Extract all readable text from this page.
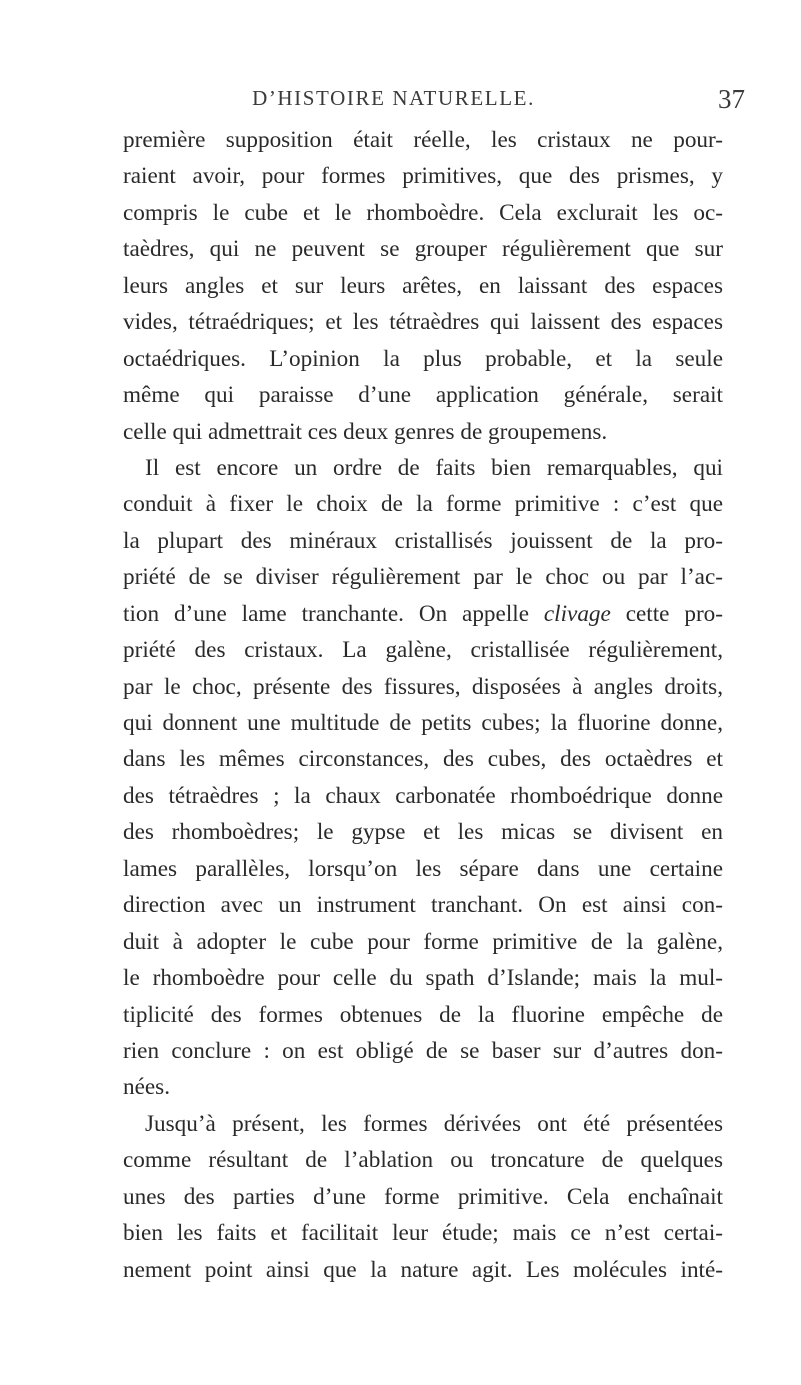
D’HISTOIRE NATURELLE.	37
première supposition était réelle, les cristaux ne pour-
raient avoir, pour formes primitives, que des prismes, y
compris le cube et le rhomboèdre. Cela exclurait les oc-
taèdres, qui ne peuvent se grouper régulièrement que sur
leurs angles et sur leurs arêtes, en laissant des espaces
vides, tétraédriques; et les tétraèdres qui laissent des espaces
octaédriques. L’opinion la plus probable, et la seule
même qui paraisse d’une application générale, serait
celle qui admettrait ces deux genres de groupemens.
Il est encore un ordre de faits bien remarquables, qui
conduit à fixer le choix de la forme primitive : c’est que
la plupart des minéraux cristallisés jouissent de la pro-
priété de se diviser régulièrement par le choc ou par l’ac-
tion d’une lame tranchante. On appelle clivage cette pro-
priété des cristaux. La galène, cristallisée régulièrement,
par le choc, présente des fissures, disposées à angles droits,
qui donnent une multitude de petits cubes; la fluorine donne,
dans les mêmes circonstances, des cubes, des octaèdres et
des tétraèdres ; la chaux carbonatée rhomboédrique donne
des rhomboèdres; le gypse et les micas se divisent en
lames parallèles, lorsqu’on les sépare dans une certaine
direction avec un instrument tranchant. On est ainsi con-
duit à adopter le cube pour forme primitive de la galène,
le rhomboèdre pour celle du spath d’Islande; mais la mul-
tiplicité des formes obtenues de la fluorine empêche de
rien conclure : on est obligé de se baser sur d’autres don-
nées.
Jusqu’à présent, les formes dérivées ont été présentées
comme résultant de l’ablation ou troncature de quelques
unes des parties d’une forme primitive. Cela enchaînait
bien les faits et facilitait leur étude; mais ce n’est certai-
nement point ainsi que la nature agit. Les molécules inté-
